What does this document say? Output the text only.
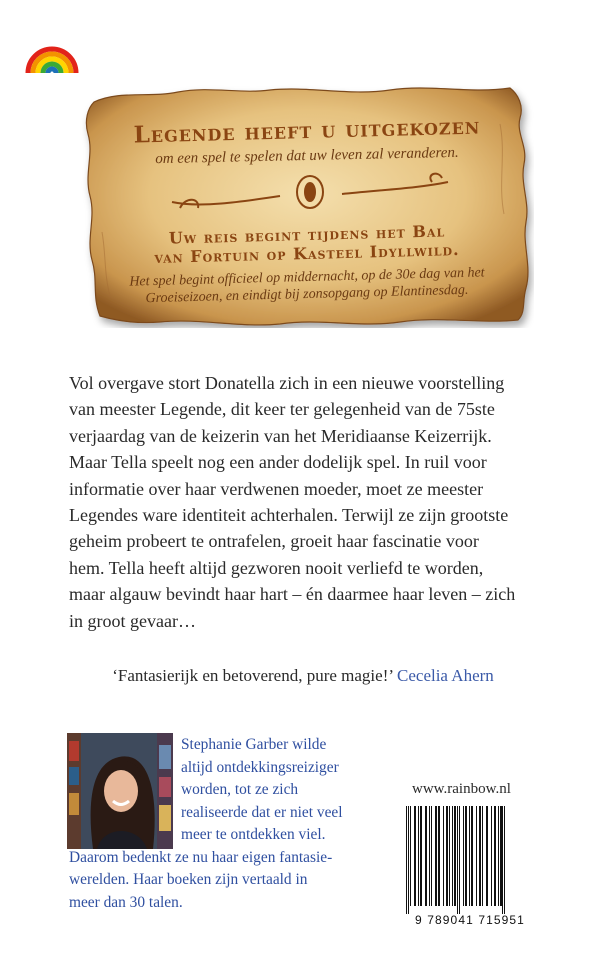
Legende heeft u uitgekozen
om een spel te spelen dat uw leven zal veranderen.
Uw reis begint tijdens het Bal
van Fortuin op Kasteel Idyllwild.
Het spel begint officieel op middernacht, op de 30e dag van het
Groeiseizoen, en eindigt bij zonsopgang op Elantinesdag.
Vol overgave stort Donatella zich in een nieuwe voorstelling
van meester Legende, dit keer ter gelegenheid van de 75ste
verjaardag van de keizerin van het Meridiaanse Keizerrijk.
Maar Tella speelt nog een ander dodelijk spel. In ruil voor
informatie over haar verdwenen moeder, moet ze meester
Legendes ware identiteit achterhalen. Terwijl ze zijn grootste
geheim probeert te ontrafelen, groeit haar fascinatie voor
hem. Tella heeft altijd gezworen nooit verliefd te worden,
maar algauw bevindt haar hart – én daarmee haar leven – zich
in groot gevaar…
‘Fantasierijk en betoverend, pure magie!’ Cecelia Ahern
Stephanie Garber wilde
altijd ontdekkingsreiziger
worden, tot ze zich
realiseerde dat er niet veel
meer te ontdekken viel.
Daarom bedenkt ze nu haar eigen fantasie-
werelden. Haar boeken zijn vertaald in
meer dan 30 talen.
www.rainbow.nl
9 789041 715951
